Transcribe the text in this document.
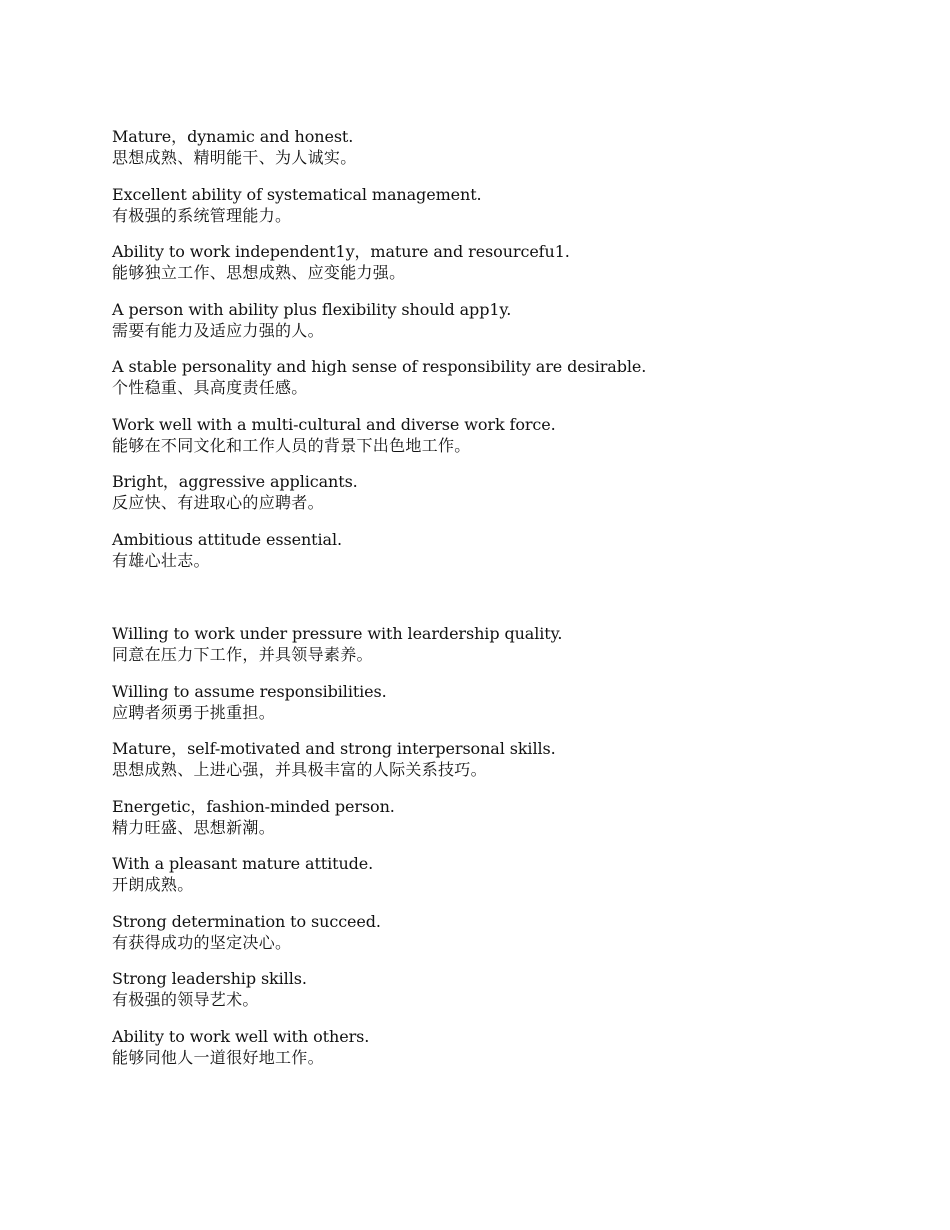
Mature，dynamic and honest.
思想成熟、精明能干、为人诚实。
Excellent ability of systematical management.
有极强的系统管理能力。
Ability to work independent1y，mature and resourcefu1.
能够独立工作、思想成熟、应变能力强。
A person with ability plus flexibility should app1y.
需要有能力及适应力强的人。
A stable personality and high sense of responsibility are desirable.
个性稳重、具高度责任感。
Work well with a multi-cultural and diverse work force.
能够在不同文化和工作人员的背景下出色地工作。
Bright，aggressive applicants.
反应快、有进取心的应聘者。
Ambitious attitude essential.
有雄心壮志。
Willing to work under pressure with leardership quality.
同意在压力下工作，并具领导素养。
Willing to assume responsibilities.
应聘者须勇于挑重担。
Mature，self-motivated and strong interpersonal skills.
思想成熟、上进心强，并具极丰富的人际关系技巧。
Energetic，fashion-minded person.
精力旺盛、思想新潮。
With a pleasant mature attitude.
开朗成熟。
Strong determination to succeed.
有获得成功的坚定决心。
Strong leadership skills.
有极强的领导艺术。
Ability to work well with others.
能够同他人一道很好地工作。
